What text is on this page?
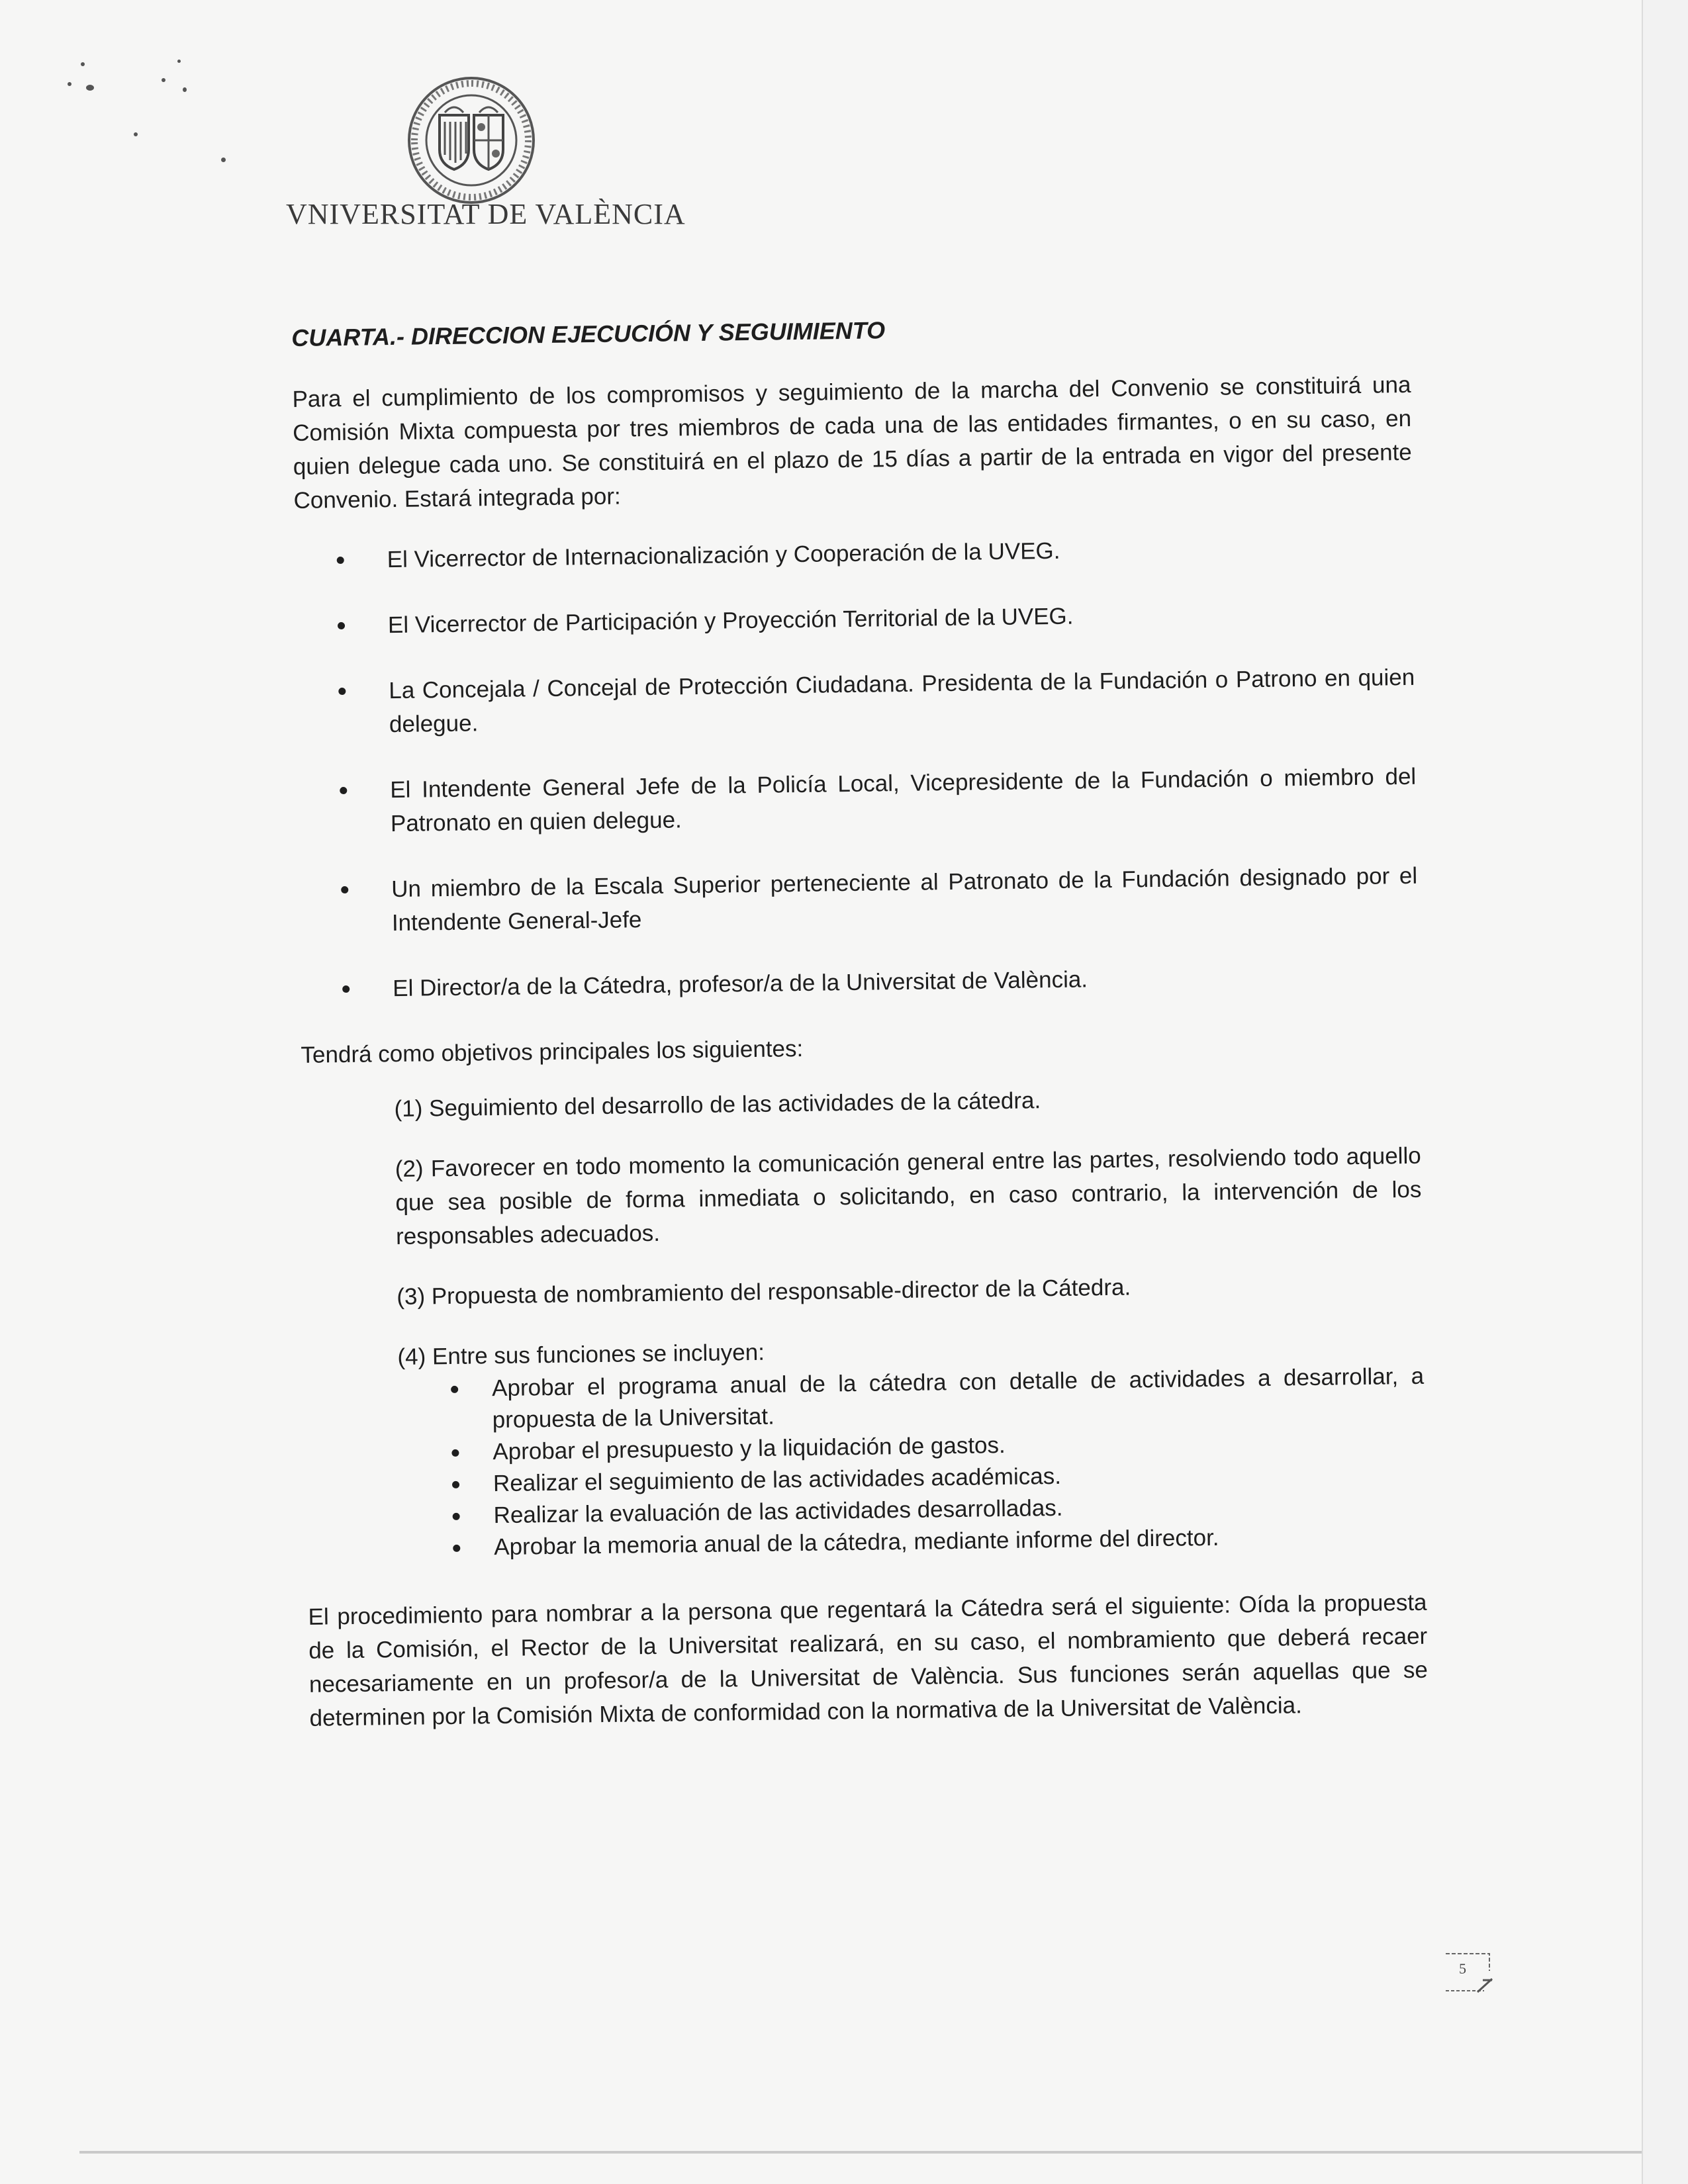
VNIVERSITAT DE VALÈNCIA
CUARTA.- DIRECCION EJECUCIÓN Y SEGUIMIENTO

Para el cumplimiento de los compromisos y seguimiento de la marcha del Convenio se constituirá una Comisión Mixta compuesta por tres miembros de cada una de las entidades firmantes, o en su caso, en quien delegue cada uno. Se constituirá en el plazo de 15 días a partir de la entrada en vigor del presente Convenio. Estará integrada por:

El Vicerrector de Internacionalización y Cooperación de la UVEG.
El Vicerrector de Participación y Proyección Territorial de la UVEG.
La Concejala / Concejal de Protección Ciudadana. Presidenta de la Fundación o Patrono en quien delegue.
El Intendente General Jefe de la Policía Local, Vicepresidente de la Fundación o miembro del Patronato en quien delegue.
Un miembro de la Escala Superior perteneciente al Patronato de la Fundación designado por el Intendente General-Jefe
El Director/a de la Cátedra, profesor/a de la Universitat de València.

Tendrá como objetivos principales los siguientes:

(1) Seguimiento del desarrollo de las actividades de la cátedra.
(2) Favorecer en todo momento la comunicación general entre las partes, resolviendo todo aquello que sea posible de forma inmediata o solicitando, en caso contrario, la intervención de los responsables adecuados.
(3) Propuesta de nombramiento del responsable-director de la Cátedra.
(4) Entre sus funciones se incluyen:
Aprobar el programa anual de la cátedra con detalle de actividades a desarrollar, a propuesta de la Universitat.
Aprobar el presupuesto y la liquidación de gastos.
Realizar el seguimiento de las actividades académicas.
Realizar la evaluación de las actividades desarrolladas.
Aprobar la memoria anual de la cátedra, mediante informe del director.

El procedimiento para nombrar a la persona que regentará la Cátedra será el siguiente: Oída la propuesta de la Comisión, el Rector de la Universitat realizará, en su caso, el nombramiento que deberá recaer necesariamente en un profesor/a de la Universitat de València. Sus funciones serán aquellas que se determinen por la Comisión Mixta de conformidad con la normativa de la Universitat de València.

5
